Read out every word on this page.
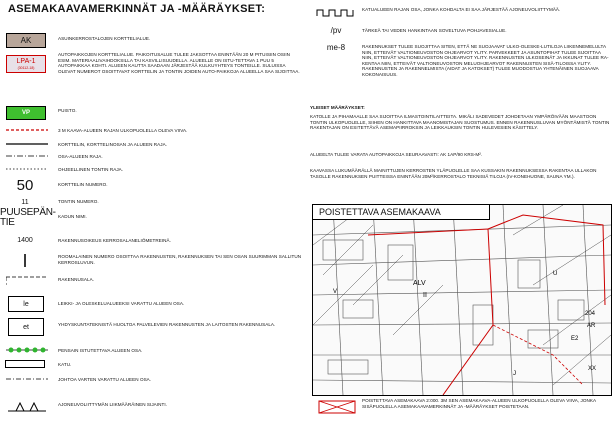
ASEMAKAAVAMERKINNÄT JA -MÄÄRÄYKSET:
AK	ASUINKERROSTALOJEN KORTTELIALUE.
LPA-1
(30112-18)
AUTOPAIKKOJEN KORTTELIALUE. PAIKOITUSALUE TULEE JAKSOTTAA ENINTÄÄN 20 M PITUISIIN OSIIN ESIM. MATERIAALIVAIHDOKSILLA TAI KASVILLISUUDELLA. ALUEELLE ON ISTU-TETTAVA 1 PUU 5 AUTOPAIKKAA KOHTI. ALUEEN KAUTTA SAADAAN JÄRJESTÄÄ KULKUYHTEYS TONTEILLE. SULUISSA OLEVAT NUMEROT OSOITTAVAT KORTTELIN JA TONTIN JOIDEN AUTO-PAIKKOJA ALUEELLA SAA SIJOITTAA.
VP	PUISTO.
3 M KAAVA-ALUEEN RAJAN ULKOPUOLELLA OLEVA VIIVA.
KORTTELIN, KORTTELINOSAN JA ALUEEN RAJA.
OSA-ALUEEN RAJA.
OHJEELLINEN TONTIN RAJA.
50	KORTTELIN NUMERO.
11	TONTIN NUMERO.
PUUSEPÄN-TIE
KADUN NIMI.
1400	RAKENNUSOIKEUS KERROSALANELIÖMETREINÄ.
I	ROOMALAINEN NUMERO OSOITTAA RAKENNUSTEN, RAKENNUKSEN TAI SEN OSAN SUURIMMAN SALLITUN KERROSLUVUN.
RAKENNUSALA.
le	LEIKKI- JA OLESKELUALUEEKSI VARATTU ALUEEN OSA.
et	YHDYSKUNTATEKNISTÄ HUOLTOA PALVELEVIEN RAKENNUSTEN JA LAITOSTEN RAKENNUSALA.
PENSAIN ISTUTETTAVA ALUEEN OSA.
KATU.
JOHTOA VARTEN VARATTU ALUEEN OSA.
AJONEUVOLIITTYMÄN LIIKMÄÄRÄINEN SIJAINTI.
KATUALUEEN RAJAN OSA, JONKA KOHDALTA EI SAA JÄRJESTÄÄ AJONEUVOLIITTYMÄÄ.
/pv	TÄRKEÄ TAI VEDEN HANKINTAAN SOVELTUVA POHJAVESIALUE.
me-8	RAKENNUKSET TULEE SUOJITTAA SITEN, ETTÄ NE SUOJAAVAT ULKO-OLESKE-LUTILOJA LIIKENNEMELULTA NIIN, ETTEIVÄT VALTIONEUVOSTON OHJEARVOT YLITY. PARVEKKEET JA ASUNTOPIHAT TULEE SIJOITTAA NIIN, ETTEIVÄT VALTIONEUVOSTON OHJEARVOT YLITY. RAKENNUSTEN ULKOSEINÄT JA IKKUNAT TULEE RA-KENTAA NIIN, ETTEIVÄT VALTIONEUVOSTON MELUOHJEARVOT RAKENNUSTEN SISÄ-TILOISSA YLITY. RAKENNUSTEN JA RAKENNELMISTA (AIDAT JA KATOKSET) TULEE MUODOSTUA YHTENÄINEN SUOJAAVA KOKONAISUUS.
YLEISET MÄÄRÄYKSET:
KATOLLE JA PIHAMAALLE SAA SIJOITTAA ILMASTOINTILAITTEITA. MIKÄLI SADEVEDET JOHDETAAN YMPÄRÖIVÄÄN MAASTOON TONTIN ULKOPUOLELLE, SIIHEN ON HANKITTAVA MAANOMISTAJAN SUOSTUMUS. ENNEN RAKENNUSLUVAN MYÖNTÄMISTÄ TONTIN RAKENTAJAN ON ESITETTÄVÄ ASEMAPIIRROKSIN JA LEIKKAUKSIN TONTIN HULEVESIEN KÄSITTELY.
ALUEELTA TULEE VARATA AUTOPAIKKOJA SEURAAVASTI: AK 1AP/90 KRS-M².
KAAVASSA LUKUMÄÄRÄLLÄ MAINITTUJEN KERROSTEN YLÄPUOLELLE SAA KUSSAKIN RAKENNUKSESSA RAKENTAA ULLAKON TASOLLE RAKENNUKSEN PUITTEISSA ENINTÄÄN 20M²/KERROSTALO TEKNISIÄ TILOJA (IV-KONEHUONE, SAUNA YM.).
ALV
II
204
AR
E2
XX
V
J
U
POISTETTAVA ASEMAKAAVA
POISTETTAVA ASEMAKAAVA 2:000. 3M SEN ASEMAKAAVA-ALUEEN ULKOPUOLELLA OLEVA VIIVA, JONKA SISÄPUOLELLA ASEMAKAAVAMERKINNÄT JA -MÄÄRÄYKSET POISTETAAN.
